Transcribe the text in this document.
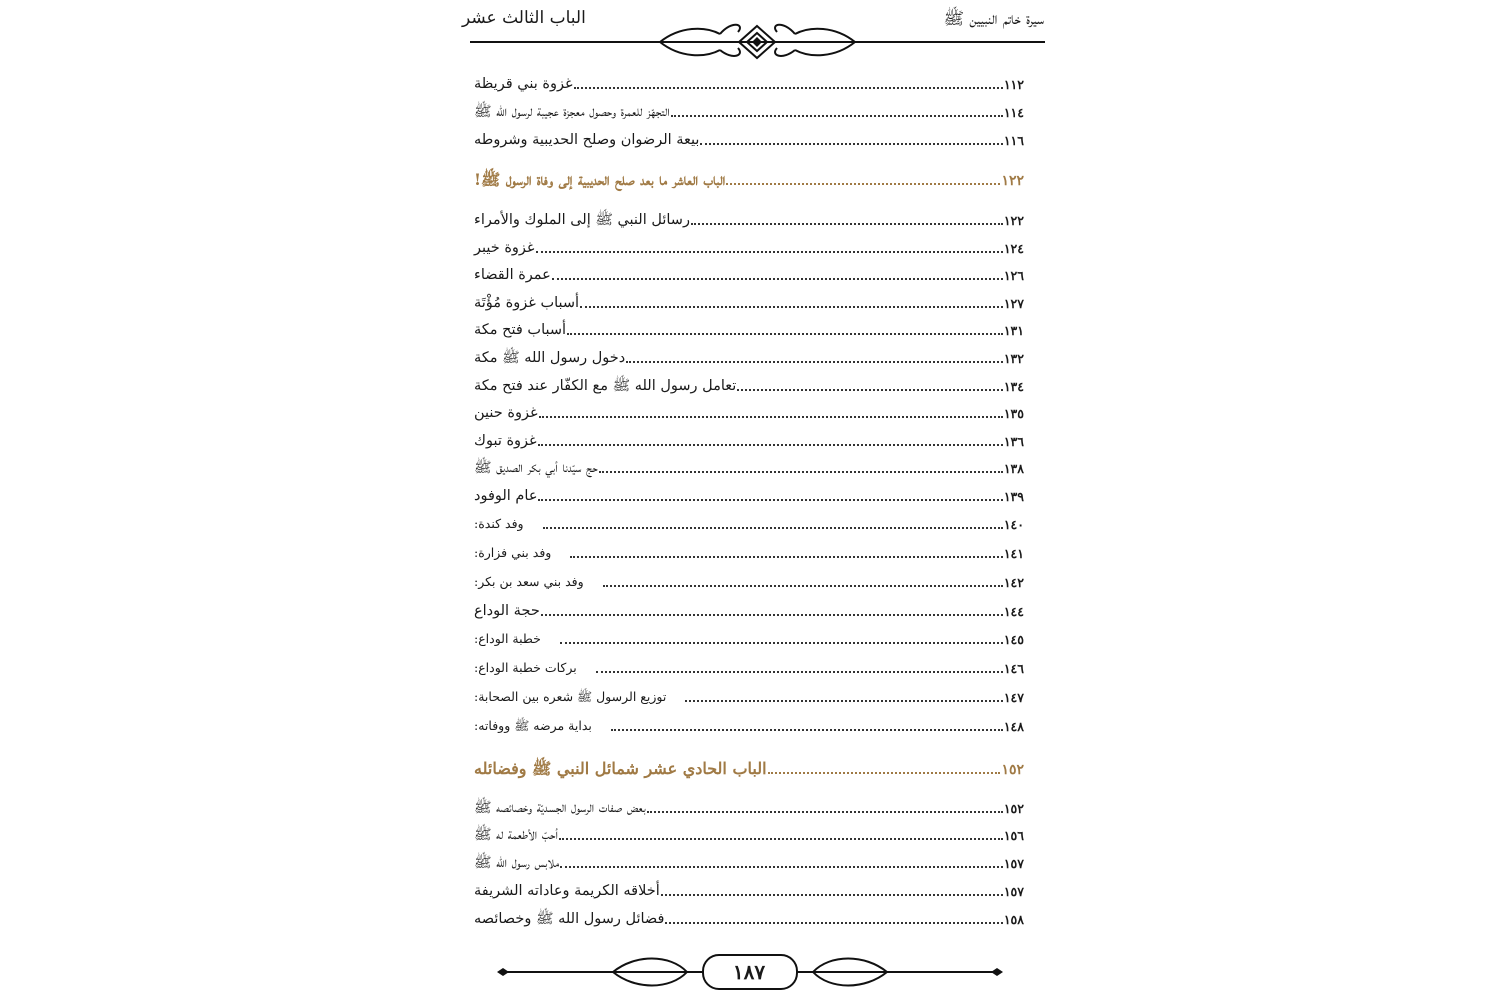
الباب الثالث عشر	سيرة خاتم النبيين ﷺ
غزوة بني قريظة	١١٢
التجهّز للعمرة وحصول معجزة عجيبة لرسول الله ﷺ	١١٤
بيعة الرضوان وصلح الحديبية وشروطه	١١٦
الباب العاشر ما بعد صلح الحديبية إلى وفاة الرسول ﷺ!	١٢٢
رسائل النبي ﷺ إلى الملوك والأمراء	١٢٢
غزوة خيبر	١٢٤
عمرة القضاء	١٢٦
أسباب غزوة مُؤْتَة	١٢٧
أسباب فتح مكة	١٣١
دخول رسول الله ﷺ مكة	١٣٢
تعامل رسول الله ﷺ مع الكفّار عند فتح مكة	١٣٤
غزوة حنين	١٣٥
غزوة تبوك	١٣٦
حج سيّدنا أبي بكر الصديق ﷺ	١٣٨
عام الوفود	١٣٩
وفد كندة:	١٤٠
وفد بني فزارة:	١٤١
وفد بني سعد بن بكر:	١٤٢
حجة الوداع	١٤٤
خطبة الوداع:	١٤٥
بركات خطبة الوداع:	١٤٦
توزيع الرسول ﷺ شعره بين الصحابة:	١٤٧
بداية مرضه ﷺ ووفاته:	١٤٨
الباب الحادي عشر شمائل النبي ﷺ وفضائله	١٥٢
بعض صفات الرسول الجسديّة وخصائصه ﷺ	١٥٢
أحبّ الأطعمة له ﷺ	١٥٦
ملابس رسول الله ﷺ	١٥٧
أخلاقه الكريمة وعاداته الشريفة	١٥٧
فضائل رسول الله ﷺ وخصائصه	١٥٨
١٨٧
